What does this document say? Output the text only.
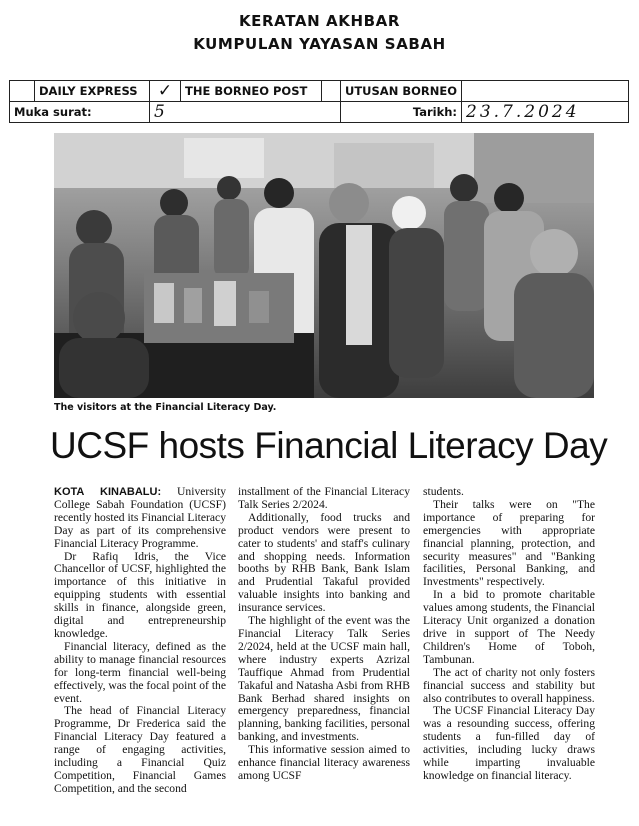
KERATAN AKHBAR
KUMPULAN YAYASAN SABAH
	DAILY EXPRESS	✓	THE BORNEO POST		UTUSAN BORNEO	
Muka surat:		5			Tarikh:	23.7.2024
The visitors at the Financial Literacy Day.
UCSF hosts Financial Literacy Day

KOTA KINABALU: University College Sabah Foundation (UCSF) recently hosted its Financial Literacy Day as part of its comprehensive Financial Literacy Programme.

Dr Rafiq Idris, the Vice Chancellor of UCSF, highlighted the importance of this initiative in equipping students with essential skills in finance, alongside green, digital and entrepreneurship knowledge.

Financial literacy, defined as the ability to manage financial resources for long-term financial well-being effectively, was the focal point of the event.

The head of Financial Literacy Programme, Dr Frederica said the Financial Literacy Day featured a range of engaging activities, including a Financial Quiz Competition, Financial Games Competition, and the second

installment of the Financial Literacy Talk Series 2/2024.

Additionally, food trucks and product vendors were present to cater to students' and staff's culinary and shopping needs. Information booths by RHB Bank, Bank Islam and Prudential Takaful provided valuable insights into banking and insurance services.

The highlight of the event was the Financial Literacy Talk Series 2/2024, held at the UCSF main hall, where industry experts Azrizal Tauffique Ahmad from Prudential Takaful and Natasha Asbi from RHB Bank Berhad shared insights on emergency preparedness, financial planning, banking facilities, personal banking, and investments.

This informative session aimed to enhance financial literacy awareness among UCSF

students.

Their talks were on "The importance of preparing for emergencies with appropriate financial planning, protection, and security measures" and "Banking facilities, Personal Banking, and Investments" respectively.

In a bid to promote charitable values among students, the Financial Literacy Unit organized a donation drive in support of The Needy Children's Home of Toboh, Tambunan.

The act of charity not only fosters financial success and stability but also contributes to overall happiness.

The UCSF Financial Literacy Day was a resounding success, offering students a fun-filled day of activities, including lucky draws while imparting invaluable knowledge on financial literacy.
